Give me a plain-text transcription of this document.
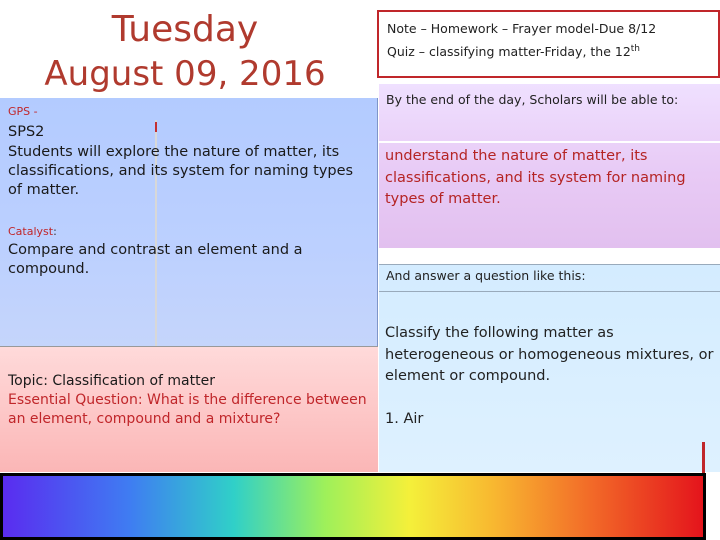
Tuesday
August 09, 2016
GPS -
SPS2
Students will explore the nature of matter, its classifications, and its system for naming types of matter.
Catalyst:
Compare and contrast an element and a compound.
Topic: Classification of matter
Essential Question: What is the difference between an element, compound and a mixture?
Note – Homework – Frayer model-Due 8/12
Quiz – classifying matter-Friday, the 12th
By the end of the day, Scholars will be able to:
understand the nature of matter, its classifications, and its system for naming types of matter.
And answer a question like this:
Classify the following matter as heterogeneous or homogeneous mixtures, or element or compound.
1. Air
